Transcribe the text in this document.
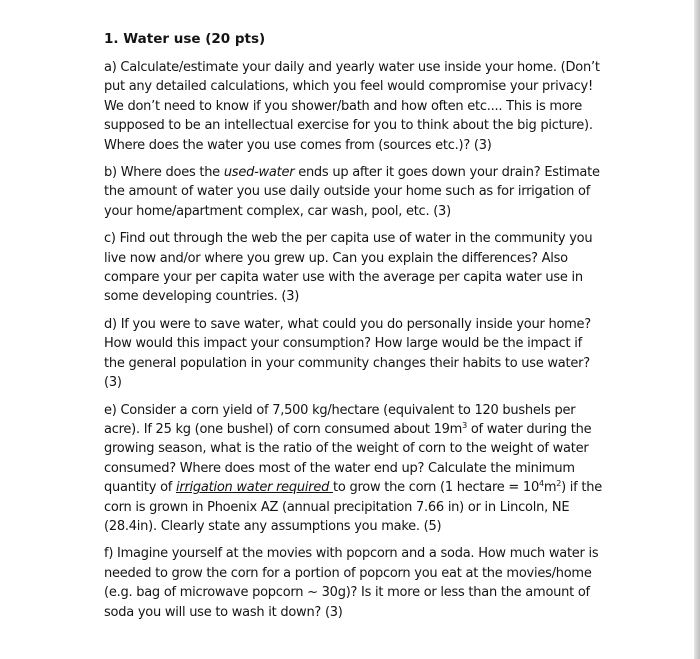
1. Water use (20 pts)

a) Calculate/estimate your daily and yearly water use inside your home. (Don’t put any detailed calculations, which you feel would compromise your privacy! We don’t need to know if you shower/bath and how often etc.... This is more supposed to be an intellectual exercise for you to think about the big picture). Where does the water you use comes from (sources etc.)? (3)

b) Where does the used-water ends up after it goes down your drain? Estimate the amount of water you use daily outside your home such as for irrigation of your home/apartment complex, car wash, pool, etc. (3)

c) Find out through the web the per capita use of water in the community you live now and/or where you grew up. Can you explain the differences? Also compare your per capita water use with the average per capita water use in some developing countries. (3)

d) If you were to save water, what could you do personally inside your home? How would this impact your consumption? How large would be the impact if the general population in your community changes their habits to use water? (3)

e) Consider a corn yield of 7,500 kg/hectare (equivalent to 120 bushels per acre). If 25 kg (one bushel) of corn consumed about $19m^3$ of water during the growing season, what is the ratio of the weight of corn to the weight of water consumed? Where does most of the water end up? Calculate the minimum quantity of irrigation water required to grow the corn (1 hectare = $10^4m^2$) if the corn is grown in Phoenix AZ (annual precipitation 7.66 in) or in Lincoln, NE (28.4in). Clearly state any assumptions you make. (5)

f) Imagine yourself at the movies with popcorn and a soda. How much water is needed to grow the corn for a portion of popcorn you eat at the movies/home (e.g. bag of microwave popcorn ~ 30g)? Is it more or less than the amount of soda you will use to wash it down? (3)
